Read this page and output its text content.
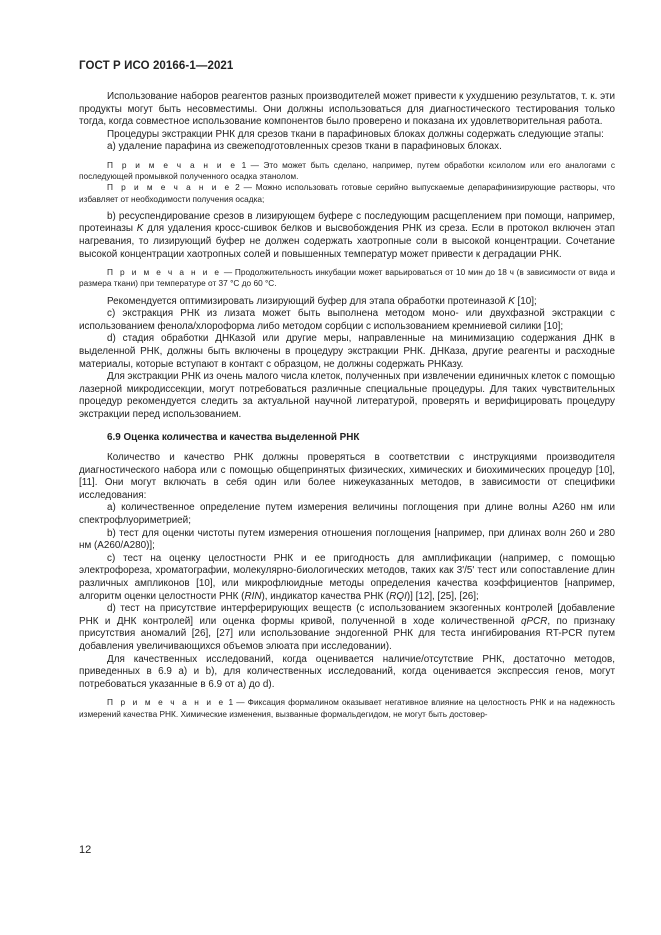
ГОСТ Р ИСО 20166-1—2021

Использование наборов реагентов разных производителей может привести к ухудшению результатов, т. к. эти продукты могут быть несовместимы. Они должны использоваться для диагностического тестирования только тогда, когда совместное использование компонентов было проверено и показана их удовлетворительная работа.

Процедуры экстракции РНК для срезов ткани в парафиновых блоках должны содержать следующие этапы:

а) удаление парафина из свежеподготовленных срезов ткани в парафиновых блоках.

П р и м е ч а н и е 1 — Это может быть сделано, например, путем обработки ксилолом или его аналогами с последующей промывкой полученного осадка этанолом.

П р и м е ч а н и е 2 — Можно использовать готовые серийно выпускаемые депарафинизирующие растворы, что избавляет от необходимости получения осадка;

b) ресуспендирование срезов в лизирующем буфере с последующим расщеплением при помощи, например, протеиназы K для удаления кросс-сшивок белков и высвобождения РНК из среза. Если в протокол включен этап нагревания, то лизирующий буфер не должен содержать хаотропные соли в высокой концентрации. Сочетание высокой концентрации хаотропных солей и повышенных температур может привести к деградации РНК.

П р и м е ч а н и е — Продолжительность инкубации может варьироваться от 10 мин до 18 ч (в зависимости от вида и размера ткани) при температуре от 37 °С до 60 °С.

Рекомендуется оптимизировать лизирующий буфер для этапа обработки протеиназой K [10];

с) экстракция РНК из лизата может быть выполнена методом моно- или двухфазной экстракции с использованием фенола/хлороформа либо методом сорбции с использованием кремниевой силики [10];

d) стадия обработки ДНКазой или другие меры, направленные на минимизацию содержания ДНК в выделенной РНК, должны быть включены в процедуру экстракции РНК. ДНКаза, другие реагенты и расходные материалы, которые вступают в контакт с образцом, не должны содержать РНКазу.

Для экстракции РНК из очень малого числа клеток, полученных при извлечении единичных клеток с помощью лазерной микродиссекции, могут потребоваться различные специальные процедуры. Для таких чувствительных процедур рекомендуется следить за актуальной научной литературой, проверять и верифицировать процедуру экстракции перед использованием.

6.9 Оценка количества и качества выделенной РНК

Количество и качество РНК должны проверяться в соответствии с инструкциями производителя диагностического набора или с помощью общепринятых физических, химических и биохимических процедур [10], [11]. Они могут включать в себя один или более нижеуказанных методов, в зависимости от специфики исследования:

а) количественное определение путем измерения величины поглощения при длине волны А260 нм или спектрофлуориметрией;

b) тест для оценки чистоты путем измерения отношения поглощения [например, при длинах волн 260 и 280 нм (А260/А280)];

с) тест на оценку целостности РНК и ее пригодность для амплификации (например, с помощью электрофореза, хроматографии, молекулярно-биологических методов, таких как 3'/5' тест или сопоставление длин различных ампликонов [10], или микрофлюидные методы определения качества коэффициентов [например, алгоритм оценки целостности РНК (RIN), индикатор качества РНК (RQI)] [12], [25], [26];

d) тест на присутствие интерферирующих веществ (с использованием экзогенных контролей [добавление РНК и ДНК контролей] или оценка формы кривой, полученной в ходе количественной qPCR, по признаку присутствия аномалий [26], [27] или использование эндогенной РНК для теста ингибирования RT-PCR путем добавления увеличивающихся объемов элюата при исследовании).

Для качественных исследований, когда оценивается наличие/отсутствие РНК, достаточно методов, приведенных в 6.9 а) и b), для количественных исследований, когда оценивается экспрессия генов, могут потребоваться указанные в 6.9 от а) до d).

П р и м е ч а н и е 1 — Фиксация формалином оказывает негативное влияние на целостность РНК и на надежность измерений качества РНК. Химические изменения, вызванные формальдегидом, не могут быть достовер-

12
